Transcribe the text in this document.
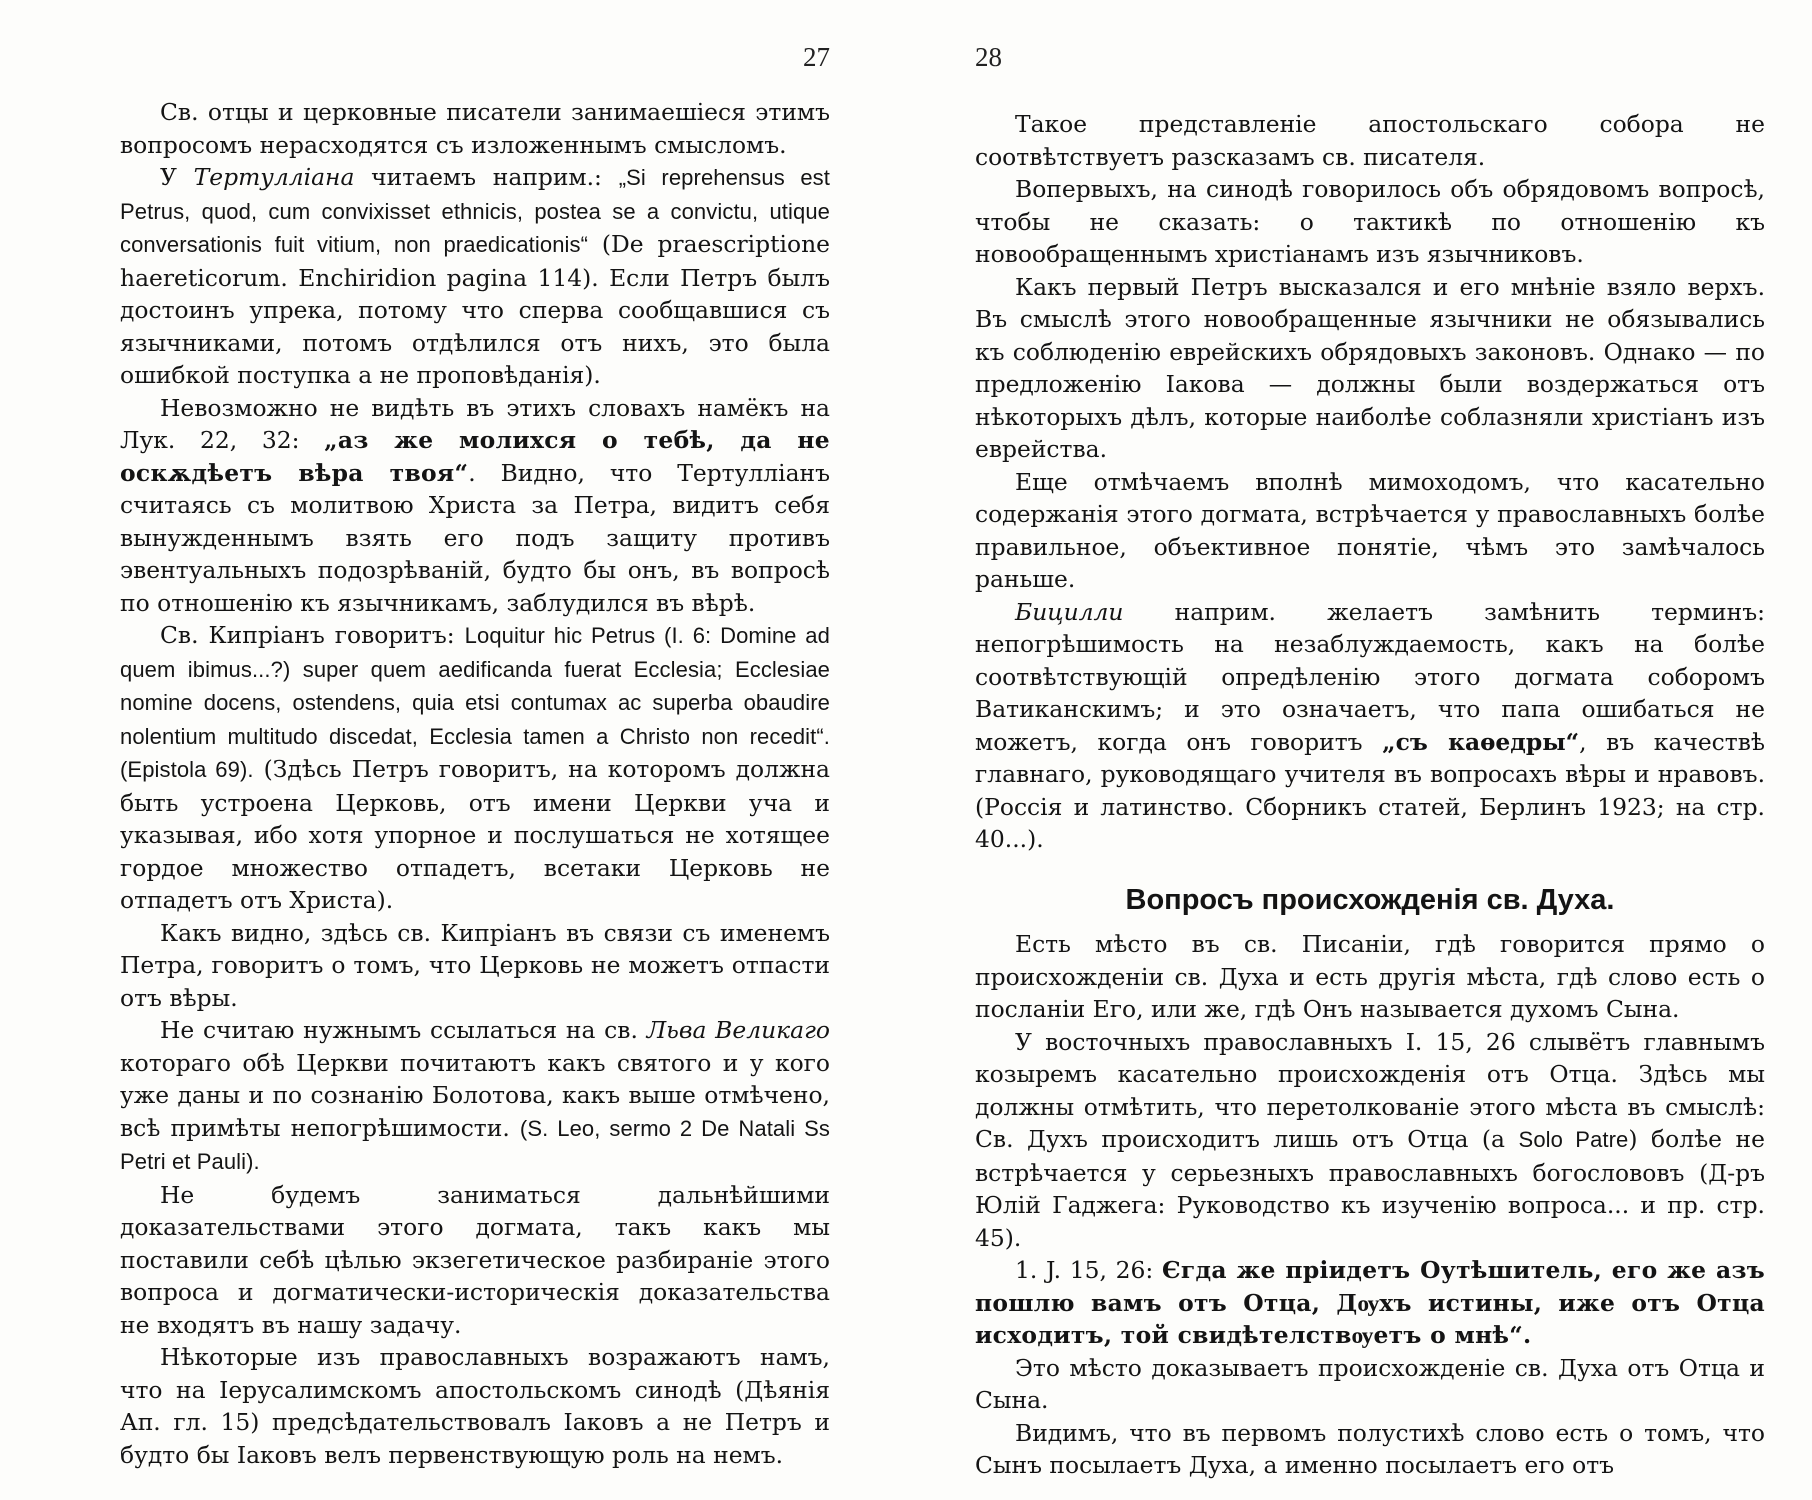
27

Св. отцы и церковные писатели занимаешіеся этимъ вопросомъ нерасходятся съ изложеннымъ смысломъ.

У Тертулліана читаемъ наприм.: „Si reprehensus est Petrus, quod, cum convixisset ethnicis, postea se a convictu, utique conversationis fuit vitium, non praedicationis“ (De praescriptione haereticorum. Enchiridion pagina 114). Если Петръ былъ достоинъ упрека, потому что сперва сообщавшися съ язычниками, потомъ отдѣлился отъ нихъ, это была ошибкой поступка а не проповѣданія).

Невозможно не видѣть въ этихъ словахъ намёкъ на Лук. 22, 32: „аз же молихся о тебѣ, да не оскѫдѣетъ вѣра твоя“. Видно, что Тертулліанъ считаясь съ молитвою Христа за Петра, видитъ себя вынужденнымъ взять его подъ защиту противъ эвентуальныхъ подозрѣваній, будто бы онъ, въ вопросѣ по отношенію къ язычникамъ, заблудился въ вѣрѣ.

Св. Кипріанъ говоритъ: Loquitur hic Petrus (I. 6: Domine ad quem ibimus...?) super quem aedificanda fuerat Ecclesia; Ecclesiae nomine docens, ostendens, quia etsi contumax ac superba obaudire nolentium multitudo discedat, Ecclesia tamen a Christo non recedit“. (Epistola 69). (Здѣсь Петръ говоритъ, на которомъ должна быть устроена Церковь, отъ имени Церкви уча и указывая, ибо хотя упорное и послушаться не хотящее гордое множество отпадетъ, всетаки Церковь не отпадетъ отъ Христа).

Какъ видно, здѣсь св. Кипріанъ въ связи съ именемъ Петра, говоритъ о томъ, что Церковь не можетъ отпасти отъ вѣры.

Не считаю нужнымъ ссылаться на св. Льва Великаго котораго обѣ Церкви почитаютъ какъ святого и у кого уже даны и по сознанію Болотова, какъ выше отмѣчено, всѣ примѣты непогрѣшимости. (S. Leo, sermo 2 De Natali Ss Petri et Pauli).

Не будемъ заниматься дальнѣйшими доказательствами этого догмата, такъ какъ мы поставили себѣ цѣлью экзегетическое разбираніе этого вопроса и догматически-историческія доказательства не входятъ въ нашу задачу.

Нѣкоторые изъ православныхъ возражаютъ намъ, что на Іерусалимскомъ апостольскомъ синодѣ (Дѣянія Ап. гл. 15) предсѣдательствовалъ Іаковъ а не Петръ и будто бы Іаковъ велъ первенствующую роль на немъ.

28

Такое представленіе апостольскаго собора не соотвѣтствуетъ разсказамъ св. писателя.

Вопервыхъ, на синодѣ говорилось объ обрядовомъ вопросѣ, чтобы не сказать: о тактикѣ по отношенію къ новообращеннымъ христіанамъ изъ язычниковъ.

Какъ первый Петръ высказался и его мнѣніе взяло верхъ. Въ смыслѣ этого новообращенные язычники не обязывались къ соблюденію еврейскихъ обрядовыхъ законовъ. Однако — по предложенію Іакова — должны были воздержаться отъ нѣкоторыхъ дѣлъ, которые наиболѣе соблазняли христіанъ изъ еврейства.

Еще отмѣчаемъ вполнѣ мимоходомъ, что касательно содержанія этого догмата, встрѣчается у православныхъ болѣе правильное, объективное понятіе, чѣмъ это замѣчалось раньше.

Бицилли наприм. желаетъ замѣнить терминъ: непогрѣшимость на незаблуждаемость, какъ на болѣе соотвѣтствующій опредѣленію этого догмата соборомъ Ватиканскимъ; и это означаетъ, что папа ошибаться не можетъ, когда онъ говоритъ „съ каѳедры“, въ качествѣ главнаго, руководящаго учителя въ вопросахъ вѣры и нравовъ. (Россія и латинство. Сборникъ статей, Берлинъ 1923; на стр. 40...).

Вопросъ происхожденія св. Духа.

Есть мѣсто въ св. Писаніи, гдѣ говорится прямо о происхожденіи св. Духа и есть другія мѣста, гдѣ слово есть о посланіи Его, или же, гдѣ Онъ называется духомъ Сына.

У восточныхъ православныхъ І. 15, 26 слывётъ главнымъ козыремъ касательно происхожденія отъ Отца. Здѣсь мы должны отмѣтить, что перетолкованіе этого мѣста въ смыслѣ: Св. Духъ происходитъ лишь отъ Отца (а Solo Patre) болѣе не встрѣчается у серьезныхъ православныхъ богослововъ (Д-ръ Юлій Гаджега: Руководство къ изученію вопроса... и пр. стр. 45).

1. J. 15, 26: Єгда же пріидетъ Оутѣшитель, его же азъ пошлю вамъ отъ Отца, Дѹхъ истины, иже отъ Отца исходитъ, той свидѣтелствѹетъ о мнѣ“.

Это мѣсто доказываетъ происхожденіе св. Духа отъ Отца и Сына.

Видимъ, что въ первомъ полустихѣ слово есть о томъ, что Сынъ посылаетъ Духа, а именно посылаетъ его отъ
